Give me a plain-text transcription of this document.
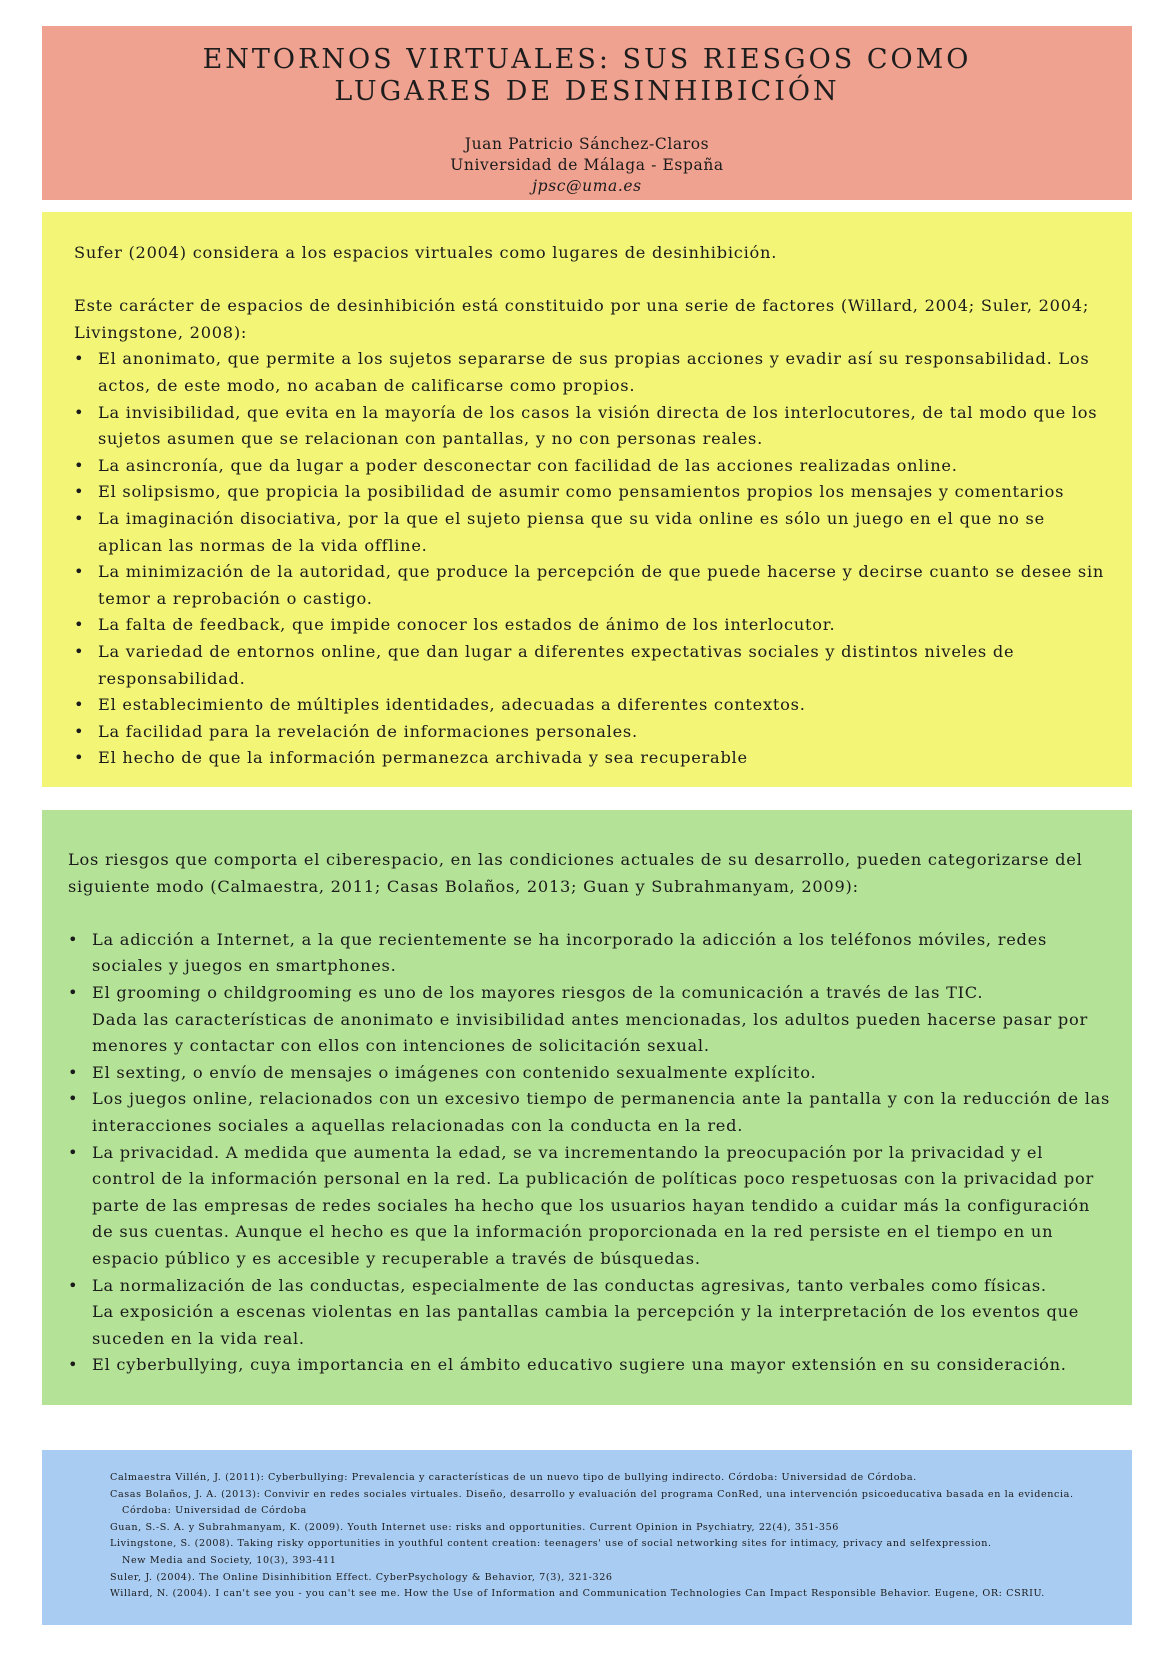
ENTORNOS VIRTUALES: SUS RIESGOS COMO
LUGARES DE DESINHIBICIÓN
Juan Patricio Sánchez-Claros
Universidad de Málaga - España
jpsc@uma.es

Sufer (2004) considera a los espacios virtuales como lugares de desinhibición.

Este carácter de espacios de desinhibición está constituido por una serie de factores (Willard, 2004; Suler, 2004; Livingstone, 2008):

• El anonimato, que permite a los sujetos separarse de sus propias acciones y evadir así su responsabilidad. Los actos, de este modo, no acaban de calificarse como propios.
• La invisibilidad, que evita en la mayoría de los casos la visión directa de los interlocutores, de tal modo que los sujetos asumen que se relacionan con pantallas, y no con personas reales.
• La asincronía, que da lugar a poder desconectar con facilidad de las acciones realizadas online.
• El solipsismo, que propicia la posibilidad de asumir como pensamientos propios los mensajes y comentarios
• La imaginación disociativa, por la que el sujeto piensa que su vida online es sólo un juego en el que no se aplican las normas de la vida offline.
• La minimización de la autoridad, que produce la percepción de que puede hacerse y decirse cuanto se desee sin temor a reprobación o castigo.
• La falta de feedback, que impide conocer los estados de ánimo de los interlocutor.
• La variedad de entornos online, que dan lugar a diferentes expectativas sociales y distintos niveles de responsabilidad.
• El establecimiento de múltiples identidades, adecuadas a diferentes contextos.
• La facilidad para la revelación de informaciones personales.
• El hecho de que la información permanezca archivada y sea recuperable

Los riesgos que comporta el ciberespacio, en las condiciones actuales de su desarrollo, pueden categorizarse del siguiente modo (Calmaestra, 2011; Casas Bolaños, 2013; Guan y Subrahmanyam, 2009):

• La adicción a Internet, a la que recientemente se ha incorporado la adicción a los teléfonos móviles, redes sociales y juegos en smartphones.
• El grooming o childgrooming es uno de los mayores riesgos de la comunicación a través de las TIC.
Dada las características de anonimato e invisibilidad antes mencionadas, los adultos pueden hacerse pasar por menores y contactar con ellos con intenciones de solicitación sexual.
• El sexting, o envío de mensajes o imágenes con contenido sexualmente explícito.
• Los juegos online, relacionados con un excesivo tiempo de permanencia ante la pantalla y con la reducción de las interacciones sociales a aquellas relacionadas con la conducta en la red.
• La privacidad. A medida que aumenta la edad, se va incrementando la preocupación por la privacidad y el control de la información personal en la red. La publicación de políticas poco respetuosas con la privacidad por parte de las empresas de redes sociales ha hecho que los usuarios hayan tendido a cuidar más la configuración de sus cuentas. Aunque el hecho es que la información proporcionada en la red persiste en el tiempo en un espacio público y es accesible y recuperable a través de búsquedas.
• La normalización de las conductas, especialmente de las conductas agresivas, tanto verbales como físicas.
La exposición a escenas violentas en las pantallas cambia la percepción y la interpretación de los eventos que suceden en la vida real.
• El cyberbullying, cuya importancia en el ámbito educativo sugiere una mayor extensión en su consideración.

Calmaestra Villén, J. (2011): Cyberbullying: Prevalencia y características de un nuevo tipo de bullying indirecto. Córdoba: Universidad de Córdoba.

Casas Bolaños, J. A. (2013): Convivir en redes sociales virtuales. Diseño, desarrollo y evaluación del programa ConRed, una intervención psicoeducativa basada en la evidencia.
Córdoba: Universidad de Córdoba

Guan, S.-S. A. y Subrahmanyam, K. (2009). Youth Internet use: risks and opportunities. Current Opinion in Psychiatry, 22(4), 351-356

Livingstone, S. (2008). Taking risky opportunities in youthful content creation: teenagers' use of social networking sites for intimacy, privacy and selfexpression.
New Media and Society, 10(3), 393-411

Suler, J. (2004). The Online Disinhibition Effect. CyberPsychology & Behavior, 7(3), 321-326

Willard, N. (2004). I can't see you - you can't see me. How the Use of Information and Communication Technologies Can Impact Responsible Behavior. Eugene, OR: CSRIU.
